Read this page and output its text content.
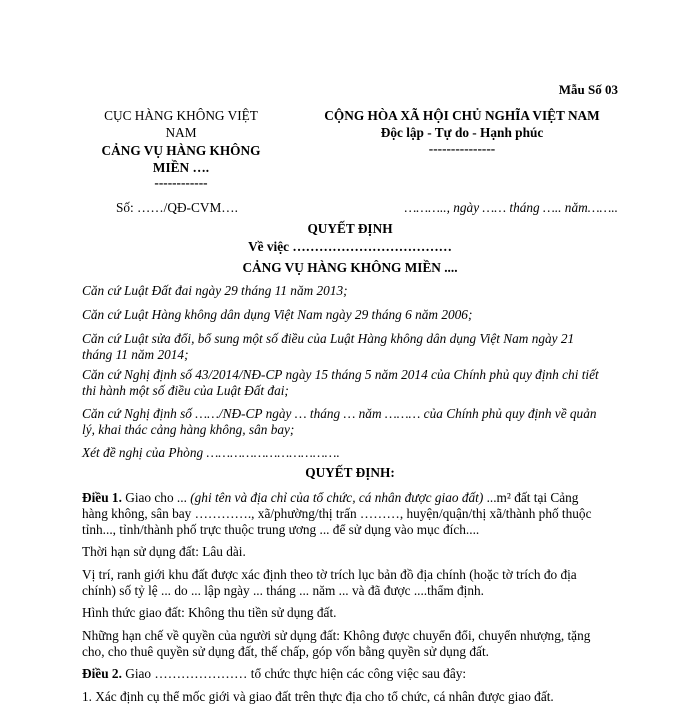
Mẫu Số 03
CỤC HÀNG KHÔNG VIỆT
NAM
CẢNG VỤ HÀNG KHÔNG
MIỀN ….
------------
CỘNG HÒA XÃ HỘI CHỦ NGHĨA VIỆT NAM
Độc lập - Tự do - Hạnh phúc
---------------
Số: ……/QĐ-CVM….	……….., ngày …… tháng ….. năm……..
QUYẾT ĐỊNH
Về việc ………………………………
CẢNG VỤ HÀNG KHÔNG MIỀN ....
Căn cứ Luật Đất đai ngày 29 tháng 11 năm 2013;
Căn cứ Luật Hàng không dân dụng Việt Nam ngày 29 tháng 6 năm 2006;
Căn cứ Luật sửa đổi, bổ sung một số điều của Luật Hàng không dân dụng Việt Nam ngày 21
tháng 11 năm 2014;
Căn cứ Nghị định số 43/2014/NĐ-CP ngày 15 tháng 5 năm 2014 của Chính phủ quy định chi tiết
thi hành một số điều của Luật Đất đai;
Căn cứ Nghị định số ……/NĐ-CP ngày … tháng … năm ……… của Chính phủ quy định về quản
lý, khai thác cảng hàng không, sân bay;
Xét đề nghị của Phòng …………………………….
QUYẾT ĐỊNH:
Điều 1. Giao cho ... (ghi tên và địa chỉ của tổ chức, cá nhân được giao đất) ...m² đất tại Cảng
hàng không, sân bay …………., xã/phường/thị trấn ………, huyện/quận/thị xã/thành phố thuộc
tỉnh..., tỉnh/thành phố trực thuộc trung ương ... để sử dụng vào mục đích....
Thời hạn sử dụng đất: Lâu dài.
Vị trí, ranh giới khu đất được xác định theo tờ trích lục bản đồ địa chính (hoặc tờ trích đo địa
chính) số tỷ lệ ... do ... lập ngày ... tháng ... năm ... và đã được ....thẩm định.
Hình thức giao đất: Không thu tiền sử dụng đất.
Những hạn chế về quyền của người sử dụng đất: Không được chuyển đổi, chuyển nhượng, tặng
cho, cho thuê quyền sử dụng đất, thế chấp, góp vốn bằng quyền sử dụng đất.
Điều 2. Giao ………………… tổ chức thực hiện các công việc sau đây:
1. Xác định cụ thể mốc giới và giao đất trên thực địa cho tổ chức, cá nhân được giao đất.
